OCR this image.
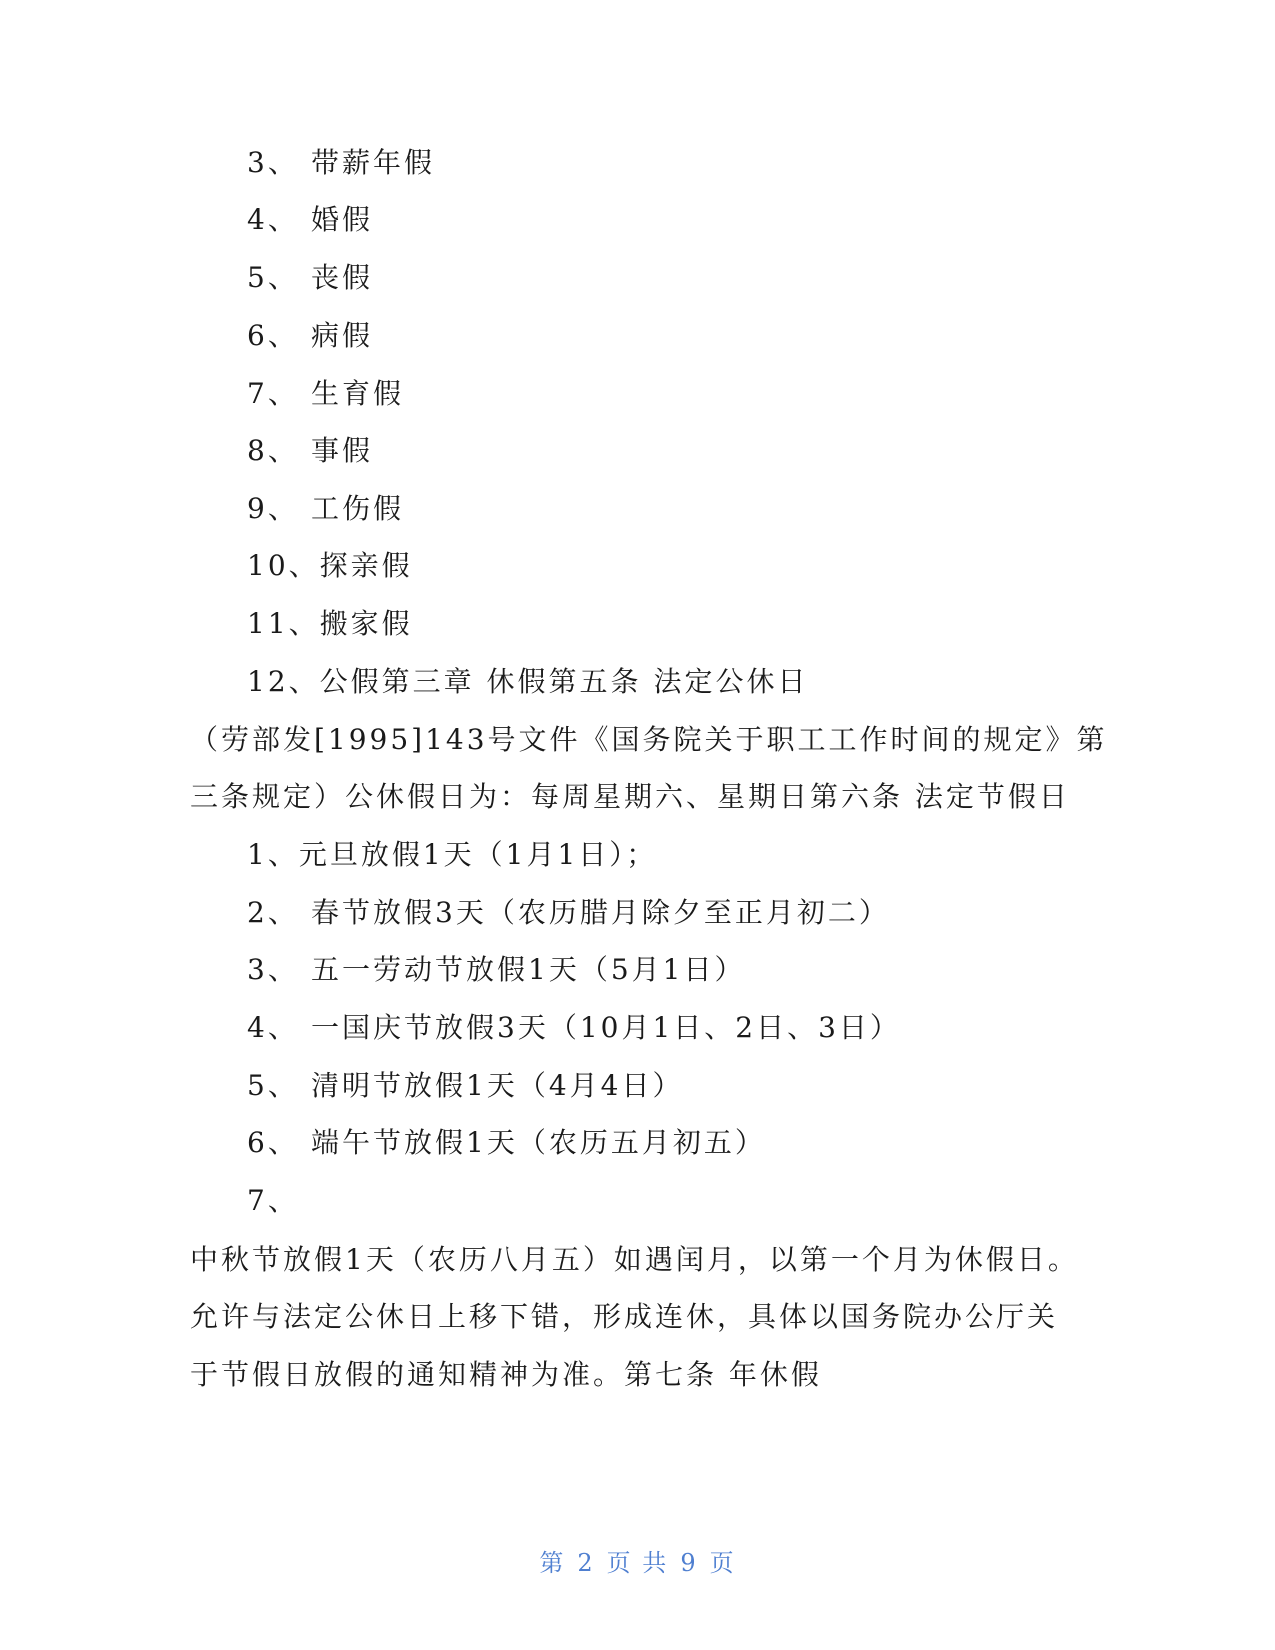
3、 带薪年假
4、 婚假
5、 丧假
6、 病假
7、 生育假
8、 事假
9、 工伤假
10、探亲假
11、搬家假
12、公假第三章 休假第五条 法定公休日
（劳部发[1995]143号文件《国务院关于职工工作时间的规定》第
三条规定）公休假日为：每周星期六、星期日第六条 法定节假日
1、元旦放假1天（1月1日）；
2、 春节放假3天（农历腊月除夕至正月初二）
3、 五一劳动节放假1天（5月1日）
4、 一国庆节放假3天（10月1日、2日、3日）
5、 清明节放假1天（4月4日）
6、 端午节放假1天（农历五月初五）
7、
中秋节放假1天（农历八月五）如遇闰月，以第一个月为休假日。
允许与法定公休日上移下错，形成连休，具体以国务院办公厅关
于节假日放假的通知精神为准。第七条 年休假
第 2 页 共 9 页
